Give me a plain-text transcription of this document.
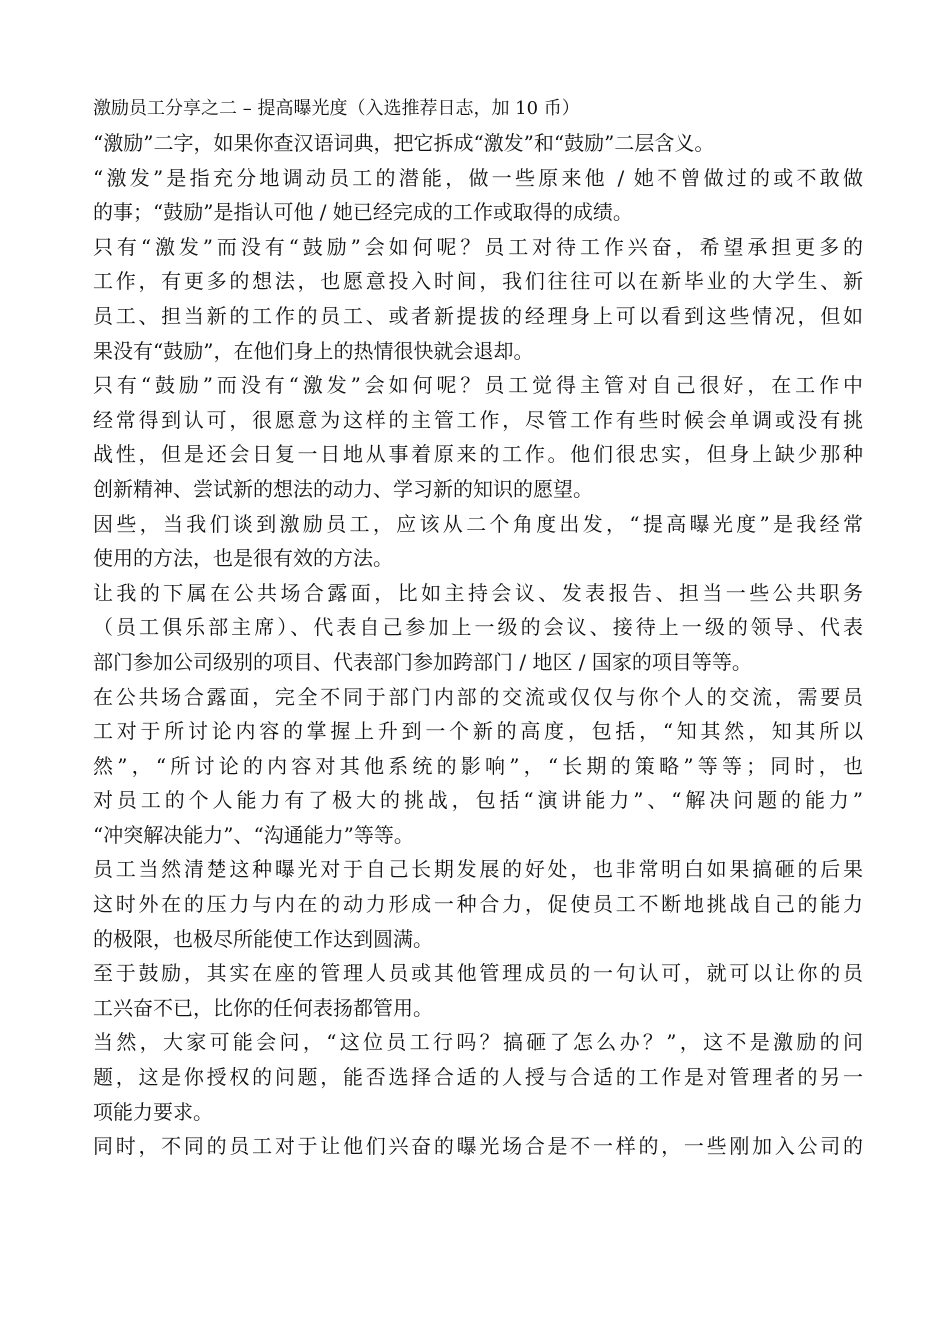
激励员工分享之二 – 提高曝光度（入选推荐日志，加 10 币）

“激励”二字，如果你查汉语词典，把它拆成“激发”和“鼓励”二层含义。

“激发”是指充分地调动员工的潜能，做一些原来他 / 她不曾做过的或不敢做
的事；“鼓励”是指认可他 / 她已经完成的工作或取得的成绩。

只有“激发”而没有“鼓励”会如何呢？员工对待工作兴奋，希望承担更多的
工作，有更多的想法，也愿意投入时间，我们往往可以在新毕业的大学生、新
员工、担当新的工作的员工、或者新提拔的经理身上可以看到这些情况，但如
果没有“鼓励”，在他们身上的热情很快就会退却。

只有“鼓励”而没有“激发”会如何呢？员工觉得主管对自己很好，在工作中
经常得到认可，很愿意为这样的主管工作，尽管工作有些时候会单调或没有挑
战性，但是还会日复一日地从事着原来的工作。他们很忠实，但身上缺少那种
创新精神、尝试新的想法的动力、学习新的知识的愿望。

因些，当我们谈到激励员工，应该从二个角度出发，“提高曝光度”是我经常
使用的方法，也是很有效的方法。

让我的下属在公共场合露面，比如主持会议、发表报告、担当一些公共职务
（员工俱乐部主席）、代表自己参加上一级的会议、接待上一级的领导、代表
部门参加公司级别的项目、代表部门参加跨部门 / 地区 / 国家的项目等等。

在公共场合露面，完全不同于部门内部的交流或仅仅与你个人的交流，需要员
工对于所讨论内容的掌握上升到一个新的高度，包括，“知其然，知其所以
然”，“所讨论的内容对其他系统的影响”，“长期的策略”等等；同时，也
对员工的个人能力有了极大的挑战，包括“演讲能力”、“解决问题的能力”
“冲突解决能力”、“沟通能力”等等。

员工当然清楚这种曝光对于自己长期发展的好处，也非常明白如果搞砸的后果
这时外在的压力与内在的动力形成一种合力，促使员工不断地挑战自己的能力
的极限，也极尽所能使工作达到圆满。

至于鼓励，其实在座的管理人员或其他管理成员的一句认可，就可以让你的员
工兴奋不已，比你的任何表扬都管用。

当然，大家可能会问，“这位员工行吗？搞砸了怎么办？”，这不是激励的问
题，这是你授权的问题，能否选择合适的人授与合适的工作是对管理者的另一
项能力要求。

同时，不同的员工对于让他们兴奋的曝光场合是不一样的，一些刚加入公司的
